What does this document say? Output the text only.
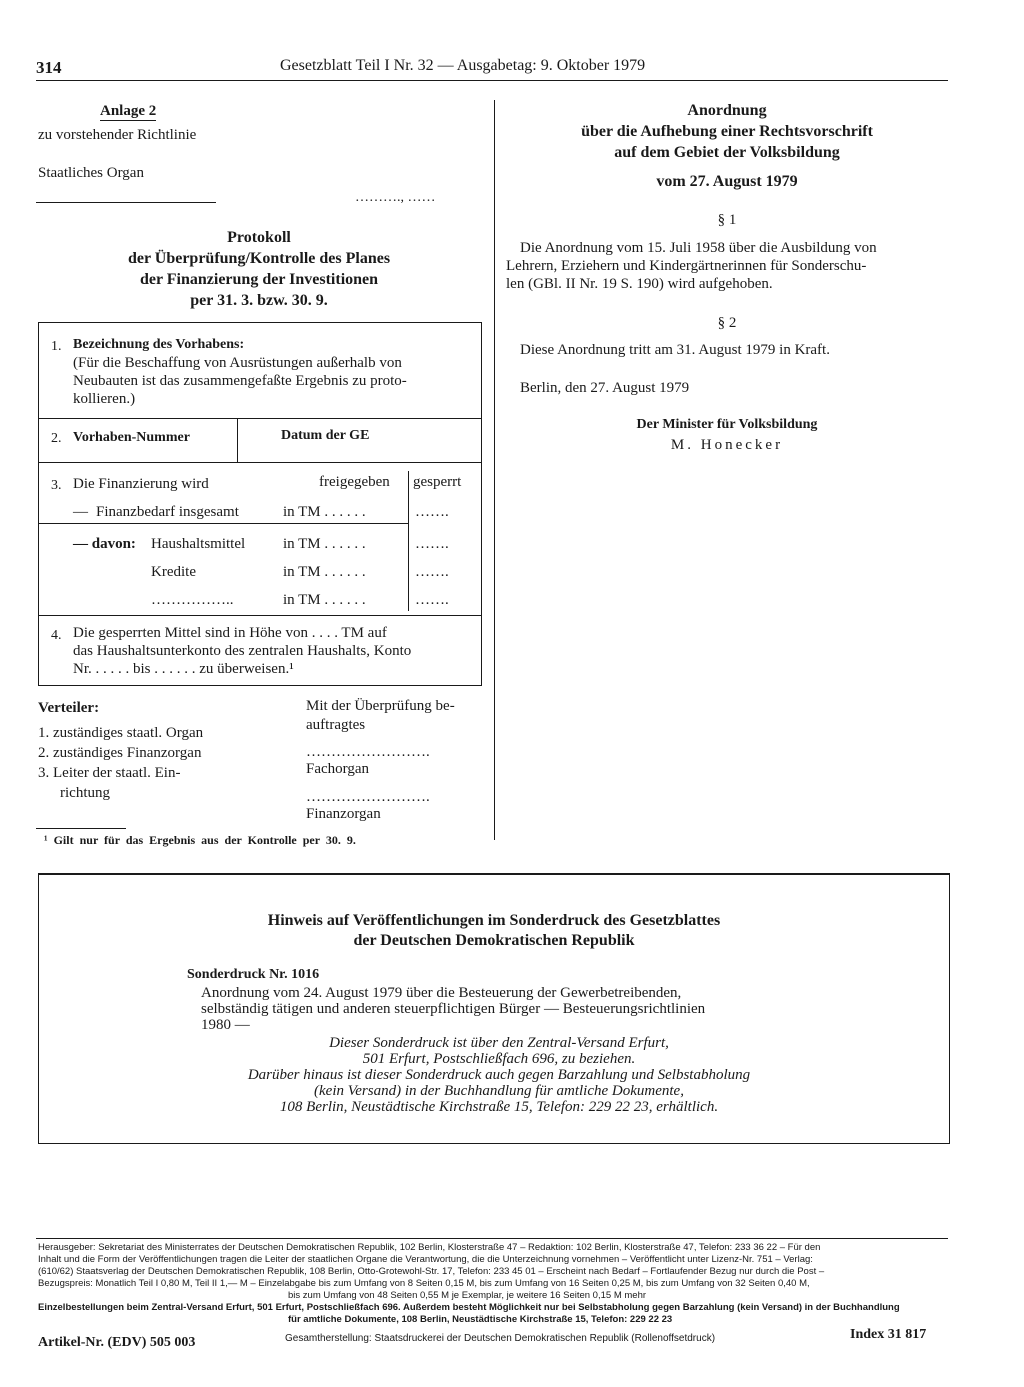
314	Gesetzblatt Teil I Nr. 32 — Ausgabetag: 9. Oktober 1979
Anlage 2
zu vorstehender Richtlinie
Staatliches Organ
………., ……
Protokoll
der Überprüfung/Kontrolle des Planes
der Finanzierung der Investitionen
per 31. 3. bzw. 30. 9.
1. Bezeichnung des Vorhabens:
(Für die Beschaffung von Ausrüstungen außerhalb von
Neubauten ist das zusammengefaßte Ergebnis zu proto-
kollieren.)
2. Vorhaben-Nummer	Datum der GE
3. Die Finanzierung wird	freigegeben gesperrt
— Finanzbedarf insgesamt	in TM . . . . . .	…….
— davon: Haushaltsmittel	in TM . . . . . .	…….
Kredite	in TM . . . . . .	…….
……………..	in TM . . . . . .	…….
4. Die gesperrten Mittel sind in Höhe von . . . . TM auf
das Haushaltsunterkonto des zentralen Haushalts, Konto
Nr. . . . . . bis . . . . . . zu überweisen.¹
Verteiler:
1. zuständiges staatl. Organ
2. zuständiges Finanzorgan
3. Leiter der staatl. Ein-
richtung
Mit der Überprüfung be-
auftragtes
…………………….
Fachorgan
…………………….
Finanzorgan
¹ Gilt nur für das Ergebnis aus der Kontrolle per 30. 9.
Anordnung
über die Aufhebung einer Rechtsvorschrift
auf dem Gebiet der Volksbildung
vom 27. August 1979
§ 1
Die Anordnung vom 15. Juli 1958 über die Ausbildung von
Lehrern, Erziehern und Kindergärtnerinnen für Sonderschu-
len (GBl. II Nr. 19 S. 190) wird aufgehoben.
§ 2
Diese Anordnung tritt am 31. August 1979 in Kraft.
Berlin, den 27. August 1979
Der Minister für Volksbildung
M. Honecker
Hinweis auf Veröffentlichungen im Sonderdruck des Gesetzblattes
der Deutschen Demokratischen Republik
Sonderdruck Nr. 1016
Anordnung vom 24. August 1979 über die Besteuerung der Gewerbetreibenden,
selbständig tätigen und anderen steuerpflichtigen Bürger — Besteuerungsrichtlinien
1980 —
Dieser Sonderdruck ist über den Zentral-Versand Erfurt,
501 Erfurt, Postschließfach 696, zu beziehen.
Darüber hinaus ist dieser Sonderdruck auch gegen Barzahlung und Selbstabholung
(kein Versand) in der Buchhandlung für amtliche Dokumente,
108 Berlin, Neustädtische Kirchstraße 15, Telefon: 229 22 23, erhältlich.
Herausgeber: Sekretariat des Ministerrates der Deutschen Demokratischen Republik, 102 Berlin, Klosterstraße 47 – Redaktion: 102 Berlin, Klosterstraße 47, Telefon: 233 36 22 – Für den
Inhalt und die Form der Veröffentlichungen tragen die Leiter der staatlichen Organe die Verantwortung, die die Unterzeichnung vornehmen – Veröffentlicht unter Lizenz-Nr. 751 – Verlag:
(610/62) Staatsverlag der Deutschen Demokratischen Republik, 108 Berlin, Otto-Grotewohl-Str. 17, Telefon: 233 45 01 – Erscheint nach Bedarf – Fortlaufender Bezug nur durch die Post –
Bezugspreis: Monatlich Teil I 0,80 M, Teil II 1,— M – Einzelabgabe bis zum Umfang von 8 Seiten 0,15 M, bis zum Umfang von 16 Seiten 0,25 M, bis zum Umfang von 32 Seiten 0,40 M,
bis zum Umfang von 48 Seiten 0,55 M je Exemplar, je weitere 16 Seiten 0,15 M mehr
Einzelbestellungen beim Zentral-Versand Erfurt, 501 Erfurt, Postschließfach 696. Außerdem besteht Möglichkeit nur bei Selbstabholung gegen Barzahlung (kein Versand) in der Buchhandlung
für amtliche Dokumente, 108 Berlin, Neustädtische Kirchstraße 15, Telefon: 229 22 23
Artikel-Nr. (EDV) 505 003	Gesamtherstellung: Staatsdruckerei der Deutschen Demokratischen Republik (Rollenoffsetdruck)	Index 31 817
